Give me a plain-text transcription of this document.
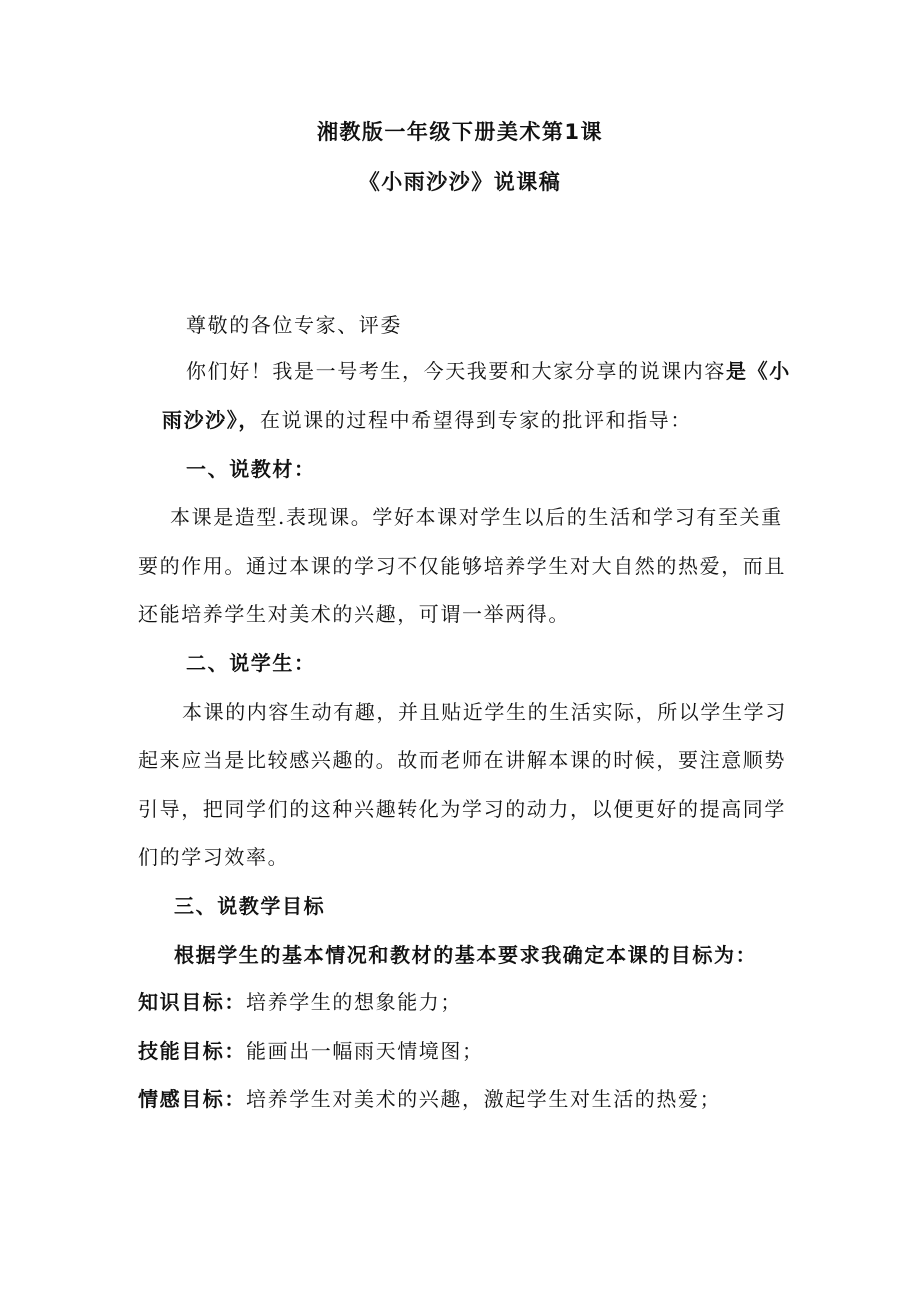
湘教版一年级下册美术第1课
《小雨沙沙》说课稿
尊敬的各位专家、评委
你们好！我是一号考生，今天我要和大家分享的说课内容是《小
雨沙沙》，在说课的过程中希望得到专家的批评和指导：
一、说教材：
本课是造型.表现课。学好本课对学生以后的生活和学习有至关重
要的作用。通过本课的学习不仅能够培养学生对大自然的热爱，而且
还能培养学生对美术的兴趣，可谓一举两得。
二、说学生：
本课的内容生动有趣，并且贴近学生的生活实际，所以学生学习
起来应当是比较感兴趣的。故而老师在讲解本课的时候，要注意顺势
引导，把同学们的这种兴趣转化为学习的动力，以便更好的提高同学
们的学习效率。
三、说教学目标
根据学生的基本情况和教材的基本要求我确定本课的目标为：
知识目标：培养学生的想象能力；
技能目标：能画出一幅雨天情境图；
情感目标：培养学生对美术的兴趣，激起学生对生活的热爱；
